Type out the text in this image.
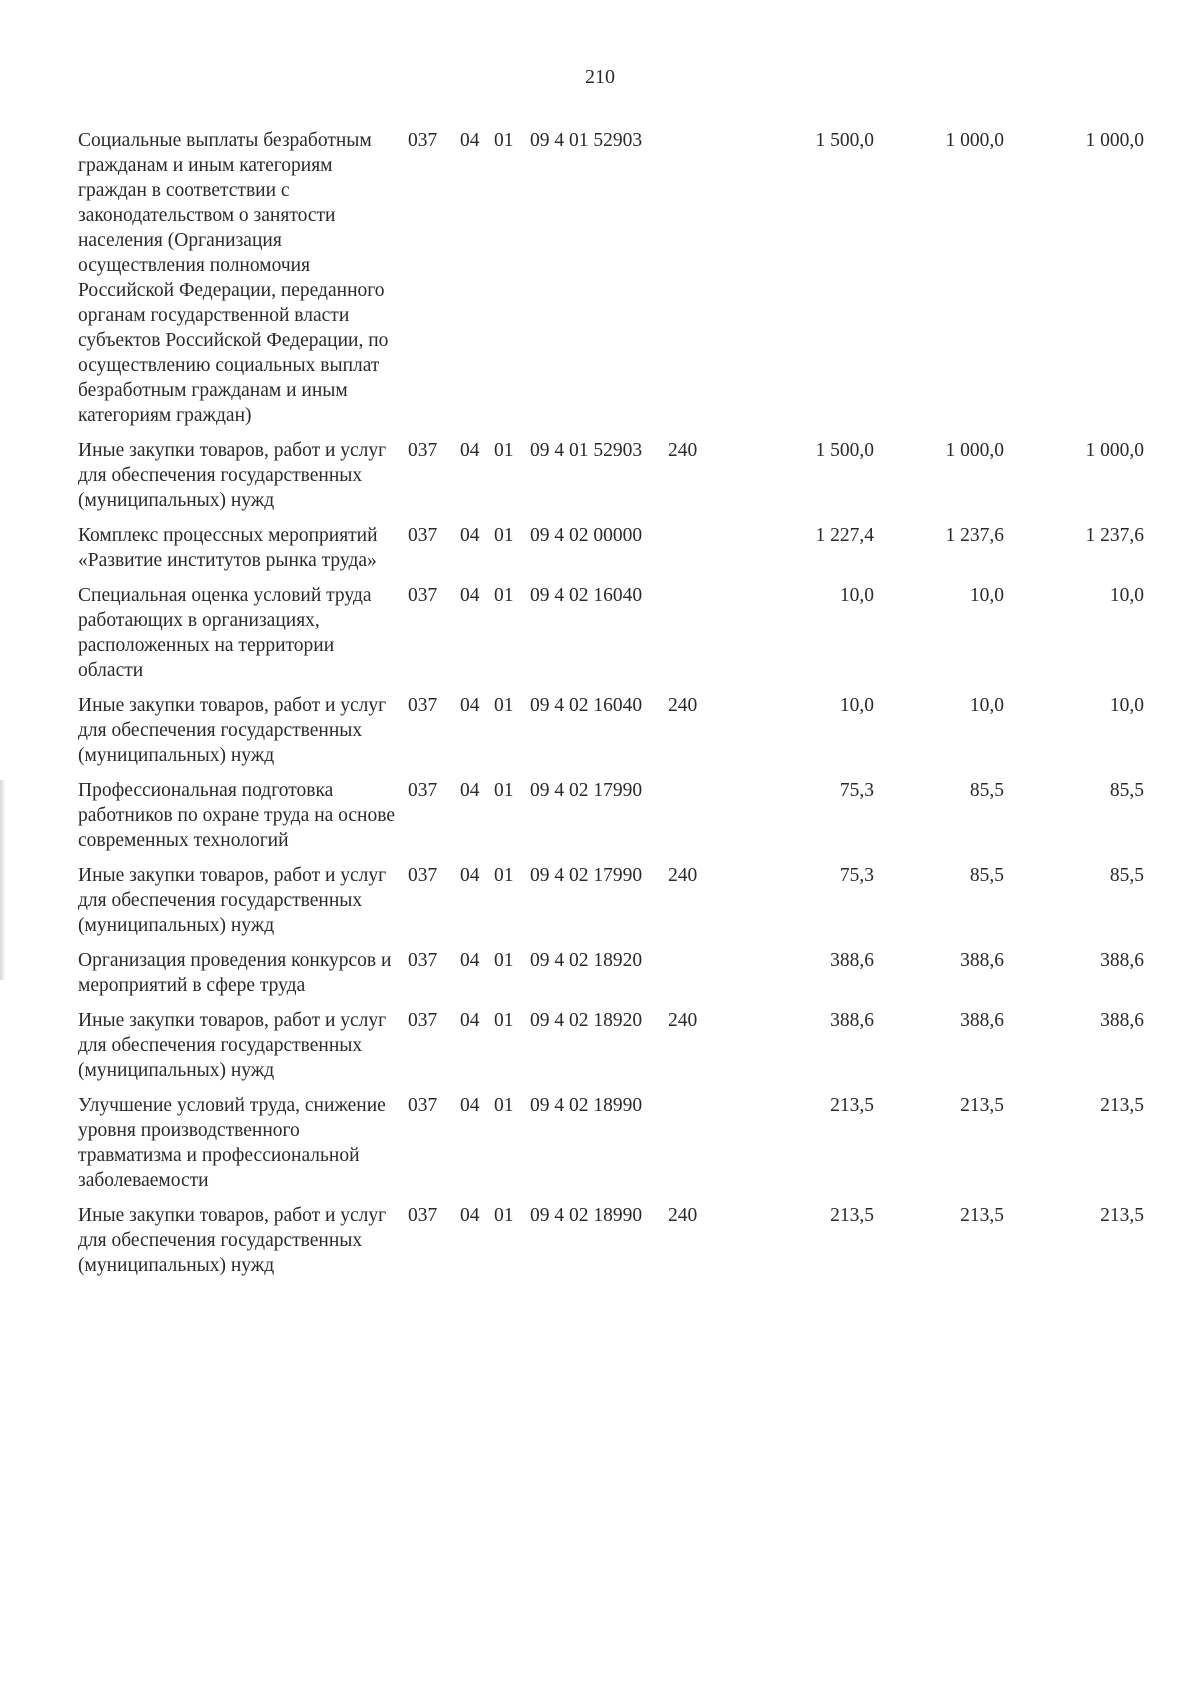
210
Социальные выплаты безработным гражданам и иным категориям граждан в соответствии с законодательством о занятости населения (Организация осуществления полномочия Российской Федерации, переданного органам государственной власти субъектов Российской Федерации, по осуществлению социальных выплат безработным гражданам и иным категориям граждан)
037	04 01 09 4 01 52903	1 500,0	1 000,0	1 000,0
Иные закупки товаров, работ и услуг для обеспечения государственных (муниципальных) нужд
037	04 01 09 4 01 52903	240	1 500,0	1 000,0	1 000,0
Комплекс процессных мероприятий «Развитие институтов рынка труда»
037	04 01 09 4 02 00000	1 227,4	1 237,6	1 237,6
Специальная оценка условий труда работающих в организациях, расположенных на территории области
037	04 01 09 4 02 16040	10,0	10,0	10,0
Иные закупки товаров, работ и услуг для обеспечения государственных (муниципальных) нужд
037	04 01 09 4 02 16040	240	10,0	10,0	10,0
Профессиональная подготовка работников по охране труда на основе современных технологий
037	04 01 09 4 02 17990	75,3	85,5	85,5
Иные закупки товаров, работ и услуг для обеспечения государственных (муниципальных) нужд
037	04 01 09 4 02 17990	240	75,3	85,5	85,5
Организация проведения конкурсов и мероприятий в сфере труда
037	04 01 09 4 02 18920	388,6	388,6	388,6
Иные закупки товаров, работ и услуг для обеспечения государственных (муниципальных) нужд
037	04 01 09 4 02 18920	240	388,6	388,6	388,6
Улучшение условий труда, снижение уровня производственного травматизма и профессиональной заболеваемости
037	04 01 09 4 02 18990	213,5	213,5	213,5
Иные закупки товаров, работ и услуг для обеспечения государственных (муниципальных) нужд
037	04 01 09 4 02 18990	240	213,5	213,5	213,5
